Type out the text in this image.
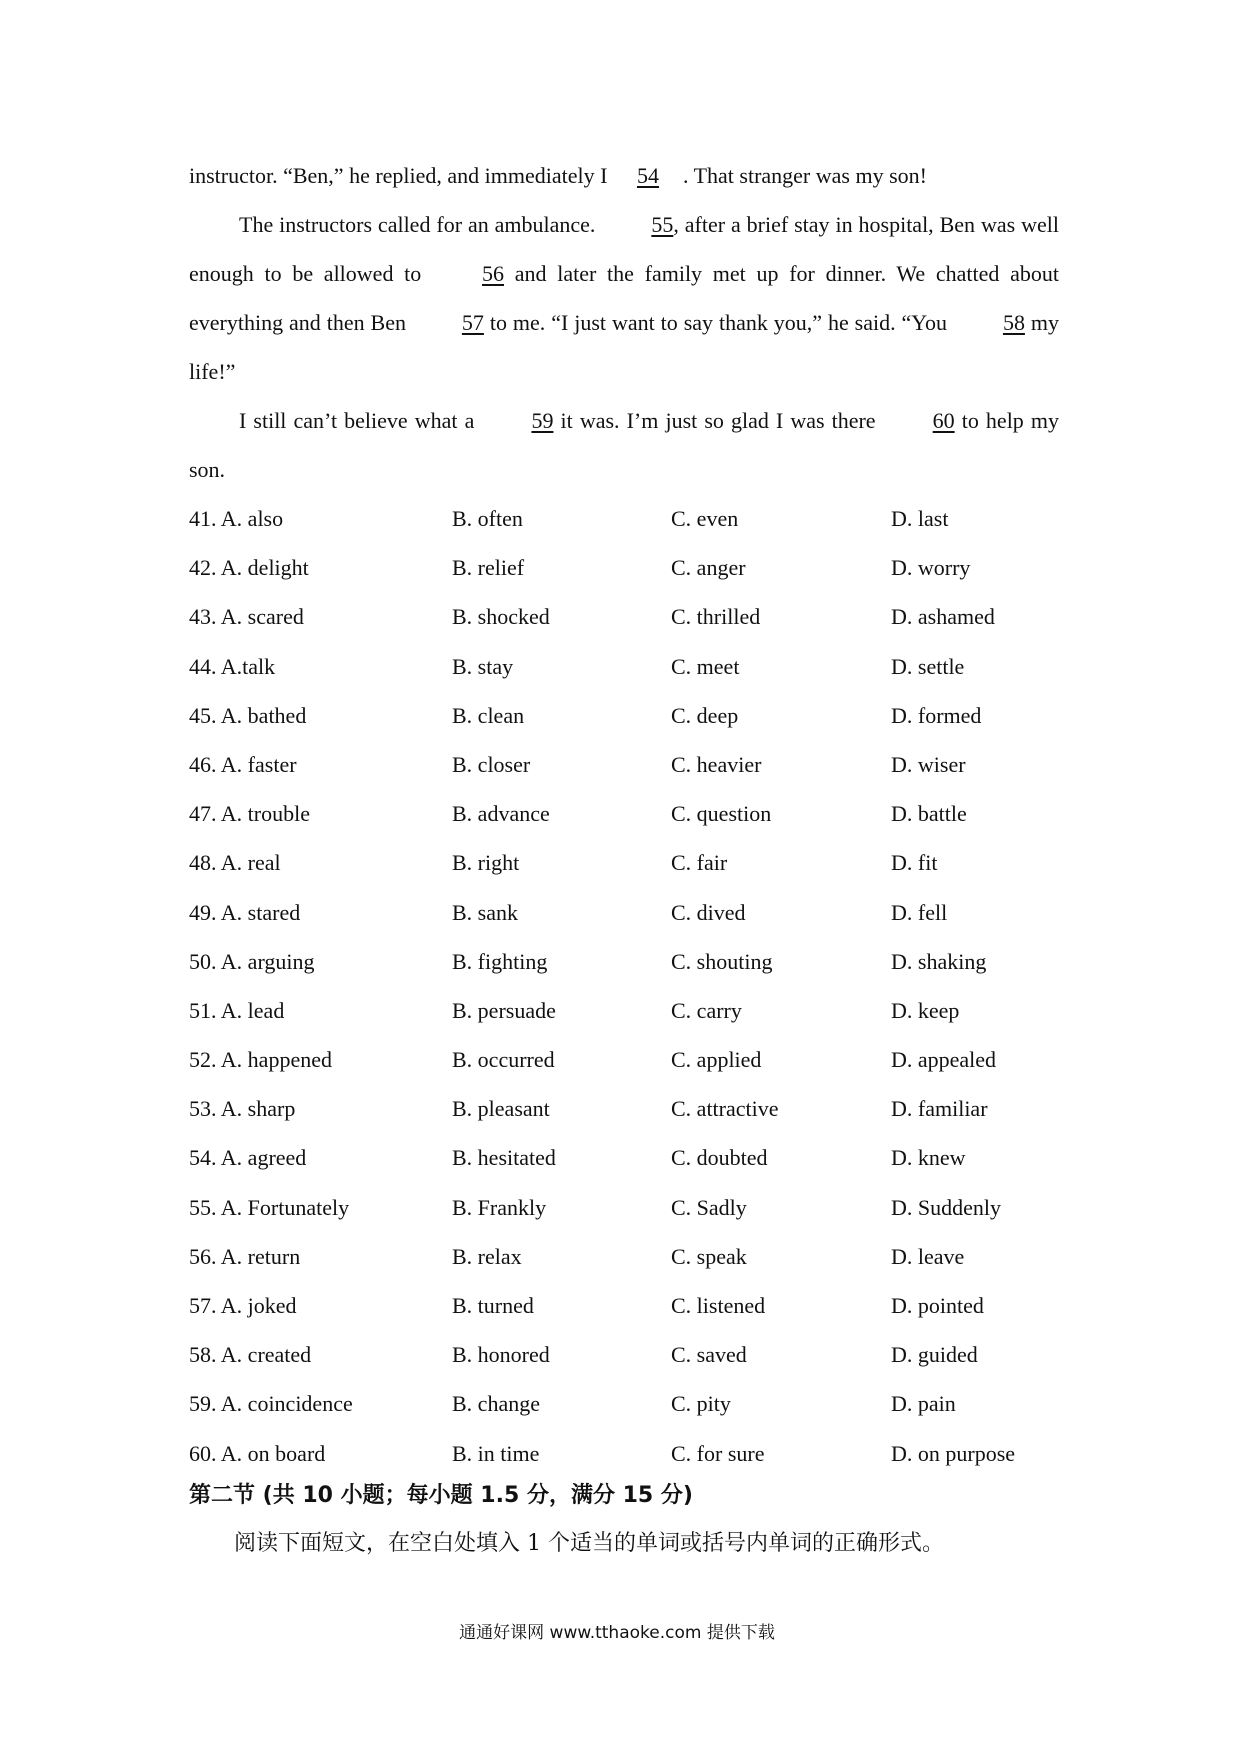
instructor. “Ben,” he replied, and immediately I 54 . That stranger was my son!

The instructors called for an ambulance. 55, after a brief stay in hospital, Ben was well enough to be allowed to 56 and later the family met up for dinner. We chatted about everything and then Ben 57 to me. “I just want to say thank you,” he said. “You 58 my life!”

I still can’t believe what a 59 it was. I’m just so glad I was there 60 to help my son.

41. A. also	B. often	C. even	D. last
42. A. delight	B. relief	C. anger	D. worry
43. A. scared	B. shocked	C. thrilled	D. ashamed
44. A.talk	B. stay	C. meet	D. settle
45. A. bathed	B. clean	C. deep	D. formed
46. A. faster	B. closer	C. heavier	D. wiser
47. A. trouble	B. advance	C. question	D. battle
48. A. real	B. right	C. fair	D. fit
49. A. stared	B. sank	C. dived	D. fell
50. A. arguing	B. fighting	C. shouting	D. shaking
51. A. lead	B. persuade	C. carry	D. keep
52. A. happened	B. occurred	C. applied	D. appealed
53. A. sharp	B. pleasant	C. attractive	D. familiar
54. A. agreed	B. hesitated	C. doubted	D. knew
55. A. Fortunately	B. Frankly	C. Sadly	D. Suddenly
56. A. return	B. relax	C. speak	D. leave
57. A. joked	B. turned	C. listened	D. pointed
58. A. created	B. honored	C. saved	D. guided
59. A. coincidence	B. change	C. pity	D. pain
60. A. on board	B. in time	C. for sure	D. on purpose
第二节 (共 10 小题；每小题 1.5 分，满分 15 分)
阅读下面短文，在空白处填入 1 个适当的单词或括号内单词的正确形式。
通通好课网 www.tthaoke.com 提供下载
